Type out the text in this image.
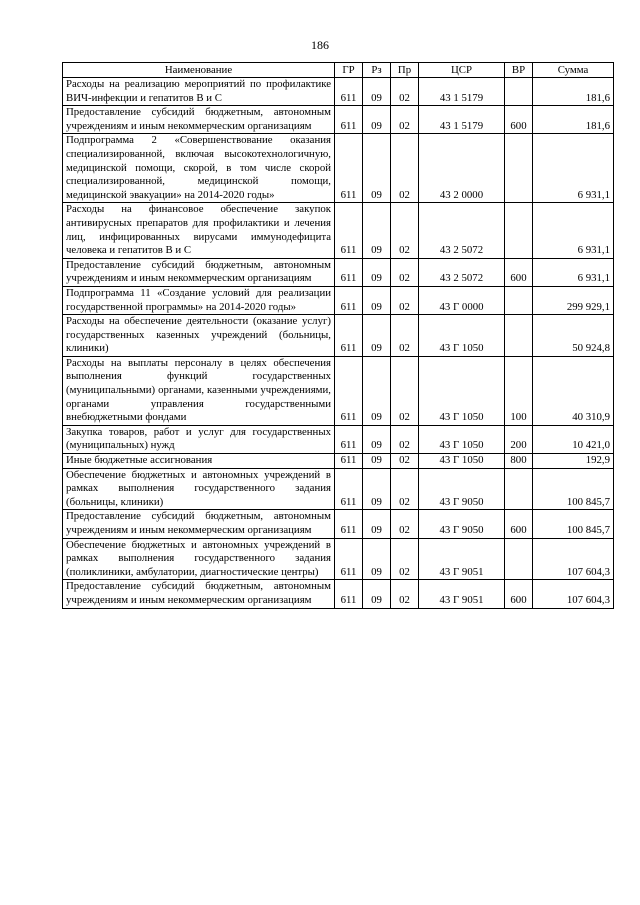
186
Наименование	ГР	Рз	Пр	ЦСР	ВР	Сумма
Расходы на реализацию мероприятий по профилактике ВИЧ-инфекции и гепатитов В и С	611	09	02	43 1 5179		181,6
Предоставление субсидий бюджетным, автономным учреждениям и иным некоммерческим организациям	611	09	02	43 1 5179	600	181,6
Подпрограмма 2 «Совершенствование оказания специализированной, включая высокотехнологичную, медицинской помощи, скорой, в том числе скорой специализированной, медицинской помощи, медицинской эвакуации» на 2014-2020 годы»	611	09	02	43 2 0000		6 931,1
Расходы на финансовое обеспечение закупок антивирусных препаратов для профилактики и лечения лиц, инфицированных вирусами иммунодефицита человека и гепатитов В и С	611	09	02	43 2 5072		6 931,1
Предоставление субсидий бюджетным, автономным учреждениям и иным некоммерческим организациям	611	09	02	43 2 5072	600	6 931,1
Подпрограмма 11 «Создание условий для реализации государственной программы» на 2014-2020 годы»	611	09	02	43 Г 0000		299 929,1
Расходы на обеспечение деятельности (оказание услуг) государственных казенных учреждений (больницы, клиники)	611	09	02	43 Г 1050		50 924,8
Расходы на выплаты персоналу в целях обеспечения выполнения функций государственных (муниципальными) органами, казенными учреждениями, органами управления государственными внебюджетными фондами	611	09	02	43 Г 1050	100	40 310,9
Закупка товаров, работ и услуг для государственных (муниципальных) нужд	611	09	02	43 Г 1050	200	10 421,0
Иные бюджетные ассигнования	611	09	02	43 Г 1050	800	192,9
Обеспечение бюджетных и автономных учреждений в рамках выполнения государственного задания (больницы, клиники)	611	09	02	43 Г 9050		100 845,7
Предоставление субсидий бюджетным, автономным учреждениям и иным некоммерческим организациям	611	09	02	43 Г 9050	600	100 845,7
Обеспечение бюджетных и автономных учреждений в рамках выполнения государственного задания (поликлиники, амбулатории, диагностические центры)	611	09	02	43 Г 9051		107 604,3
Предоставление субсидий бюджетным, автономным учреждениям и иным некоммерческим организациям	611	09	02	43 Г 9051	600	107 604,3
